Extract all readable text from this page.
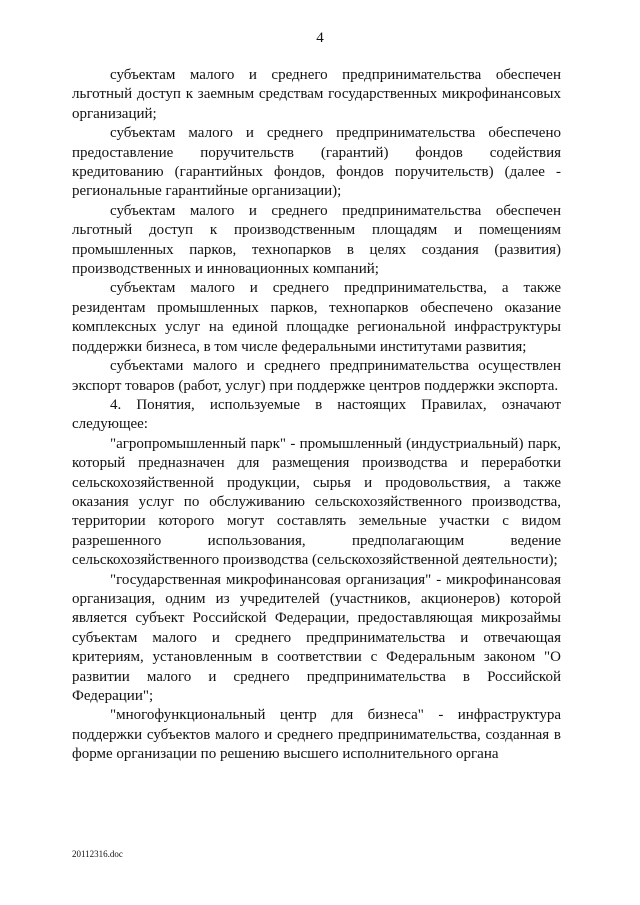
4

субъектам малого и среднего предпринимательства обеспечен льготный доступ к заемным средствам государственных микрофинансовых организаций;

субъектам малого и среднего предпринимательства обеспечено предоставление поручительств (гарантий) фондов содействия кредитованию (гарантийных фондов, фондов поручительств) (далее - региональные гарантийные организации);

субъектам малого и среднего предпринимательства обеспечен льготный доступ к производственным площадям и помещениям промышленных парков, технопарков в целях создания (развития) производственных и инновационных компаний;

субъектам малого и среднего предпринимательства, а также резидентам промышленных парков, технопарков обеспечено оказание комплексных услуг на единой площадке региональной инфраструктуры поддержки бизнеса, в том числе федеральными институтами развития;

субъектами малого и среднего предпринимательства осуществлен экспорт товаров (работ, услуг) при поддержке центров поддержки экспорта.

4. Понятия, используемые в настоящих Правилах, означают следующее:

"агропромышленный парк" - промышленный (индустриальный) парк, который предназначен для размещения производства и переработки сельскохозяйственной продукции, сырья и продовольствия, а также оказания услуг по обслуживанию сельскохозяйственного производства, территории которого могут составлять земельные участки с видом разрешенного использования, предполагающим ведение сельскохозяйственного производства (сельскохозяйственной деятельности);

"государственная микрофинансовая организация" - микрофинансовая организация, одним из учредителей (участников, акционеров) которой является субъект Российской Федерации, предоставляющая микрозаймы субъектам малого и среднего предпринимательства и отвечающая критериям, установленным в соответствии с Федеральным законом "О развитии малого и среднего предпринимательства в Российской Федерации";

"многофункциональный центр для бизнеса" - инфраструктура поддержки субъектов малого и среднего предпринимательства, созданная в форме организации по решению высшего исполнительного органа

20112316.doc
